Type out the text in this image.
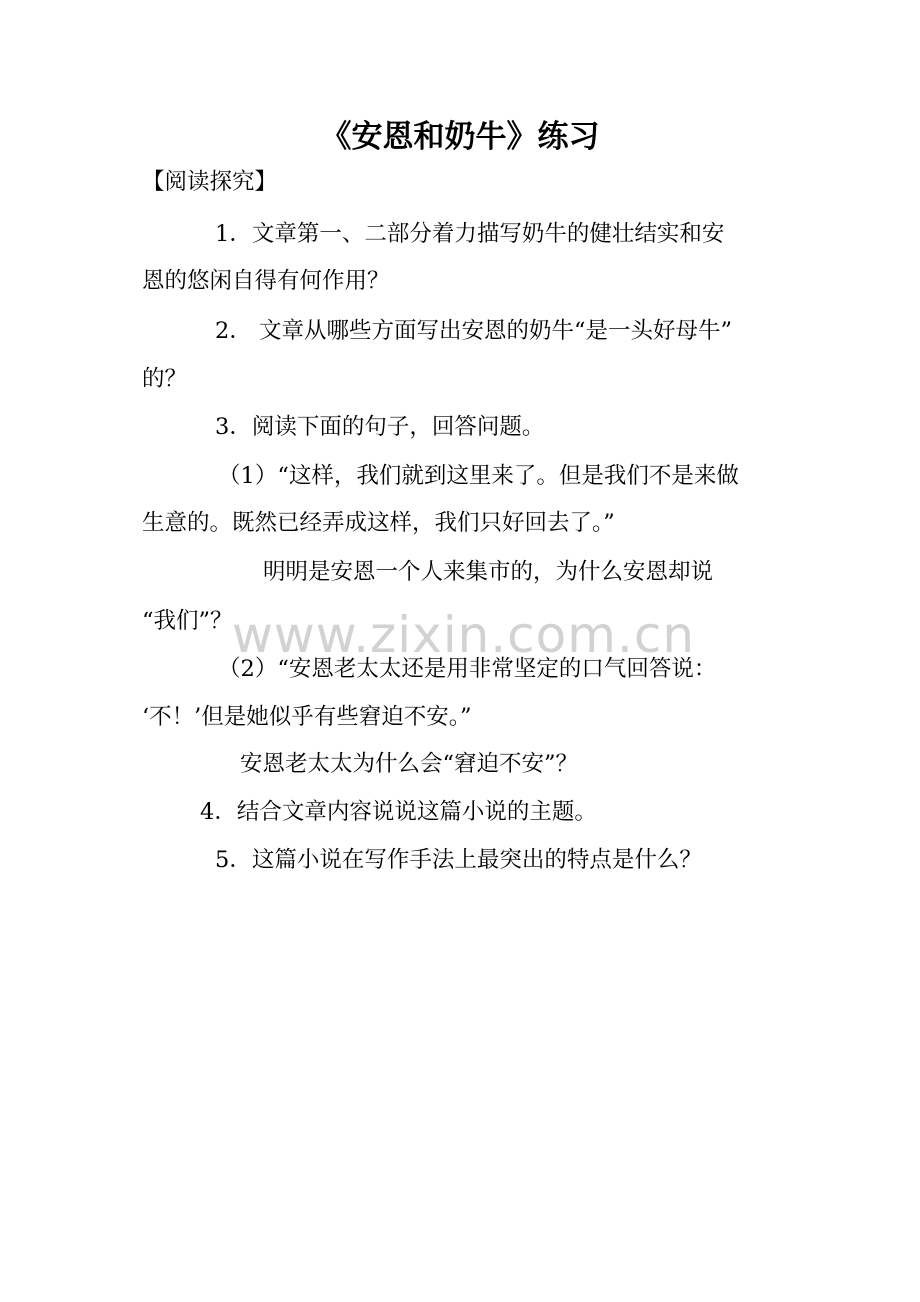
《安恩和奶牛》练习
【阅读探究】
1．文章第一、二部分着力描写奶牛的健壮结实和安
恩的悠闲自得有何作用？
2． 文章从哪些方面写出安恩的奶牛“是一头好母牛”
的？
3．阅读下面的句子，回答问题。
（1）“这样，我们就到这里来了。但是我们不是来做
生意的。既然已经弄成这样，我们只好回去了。”
明明是安恩一个人来集市的，为什么安恩却说
“我们”？
（2）“安恩老太太还是用非常坚定的口气回答说：
‘不！’但是她似乎有些窘迫不安。”
安恩老太太为什么会“窘迫不安”？
4．结合文章内容说说这篇小说的主题。
5．这篇小说在写作手法上最突出的特点是什么？
www.zixin.com.cn
